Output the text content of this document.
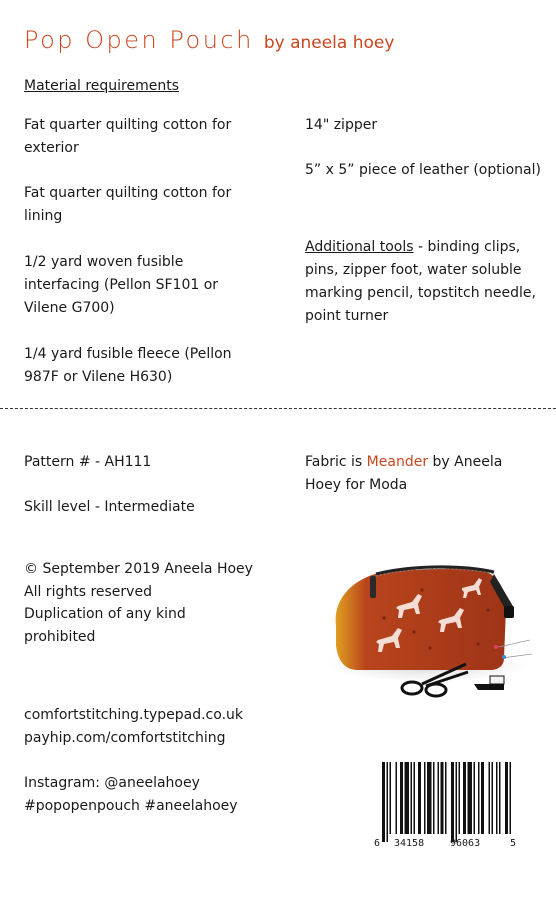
Pop Open Pouch by aneela hoey
Material requirements
Fat quarter quilting cotton for
exterior
Fat quarter quilting cotton for
lining
1/2 yard woven fusible
interfacing (Pellon SF101 or
Vilene G700)
1/4 yard fusible fleece (Pellon
987F or Vilene H630)
14" zipper
5” x 5” piece of leather (optional)
Additional tools - binding clips,
pins, zipper foot, water soluble
marking pencil, topstitch needle,
point turner
Pattern # - AH111
Skill level - Intermediate
© September 2019 Aneela Hoey
All rights reserved
Duplication of any kind
prohibited
comfortstitching.typepad.co.uk
payhip.com/comfortstitching
Instagram: @aneelahoey
#popopenpouch #aneelahoey
Fabric is Meander by Aneela
Hoey for Moda
6 34158	96063	5
